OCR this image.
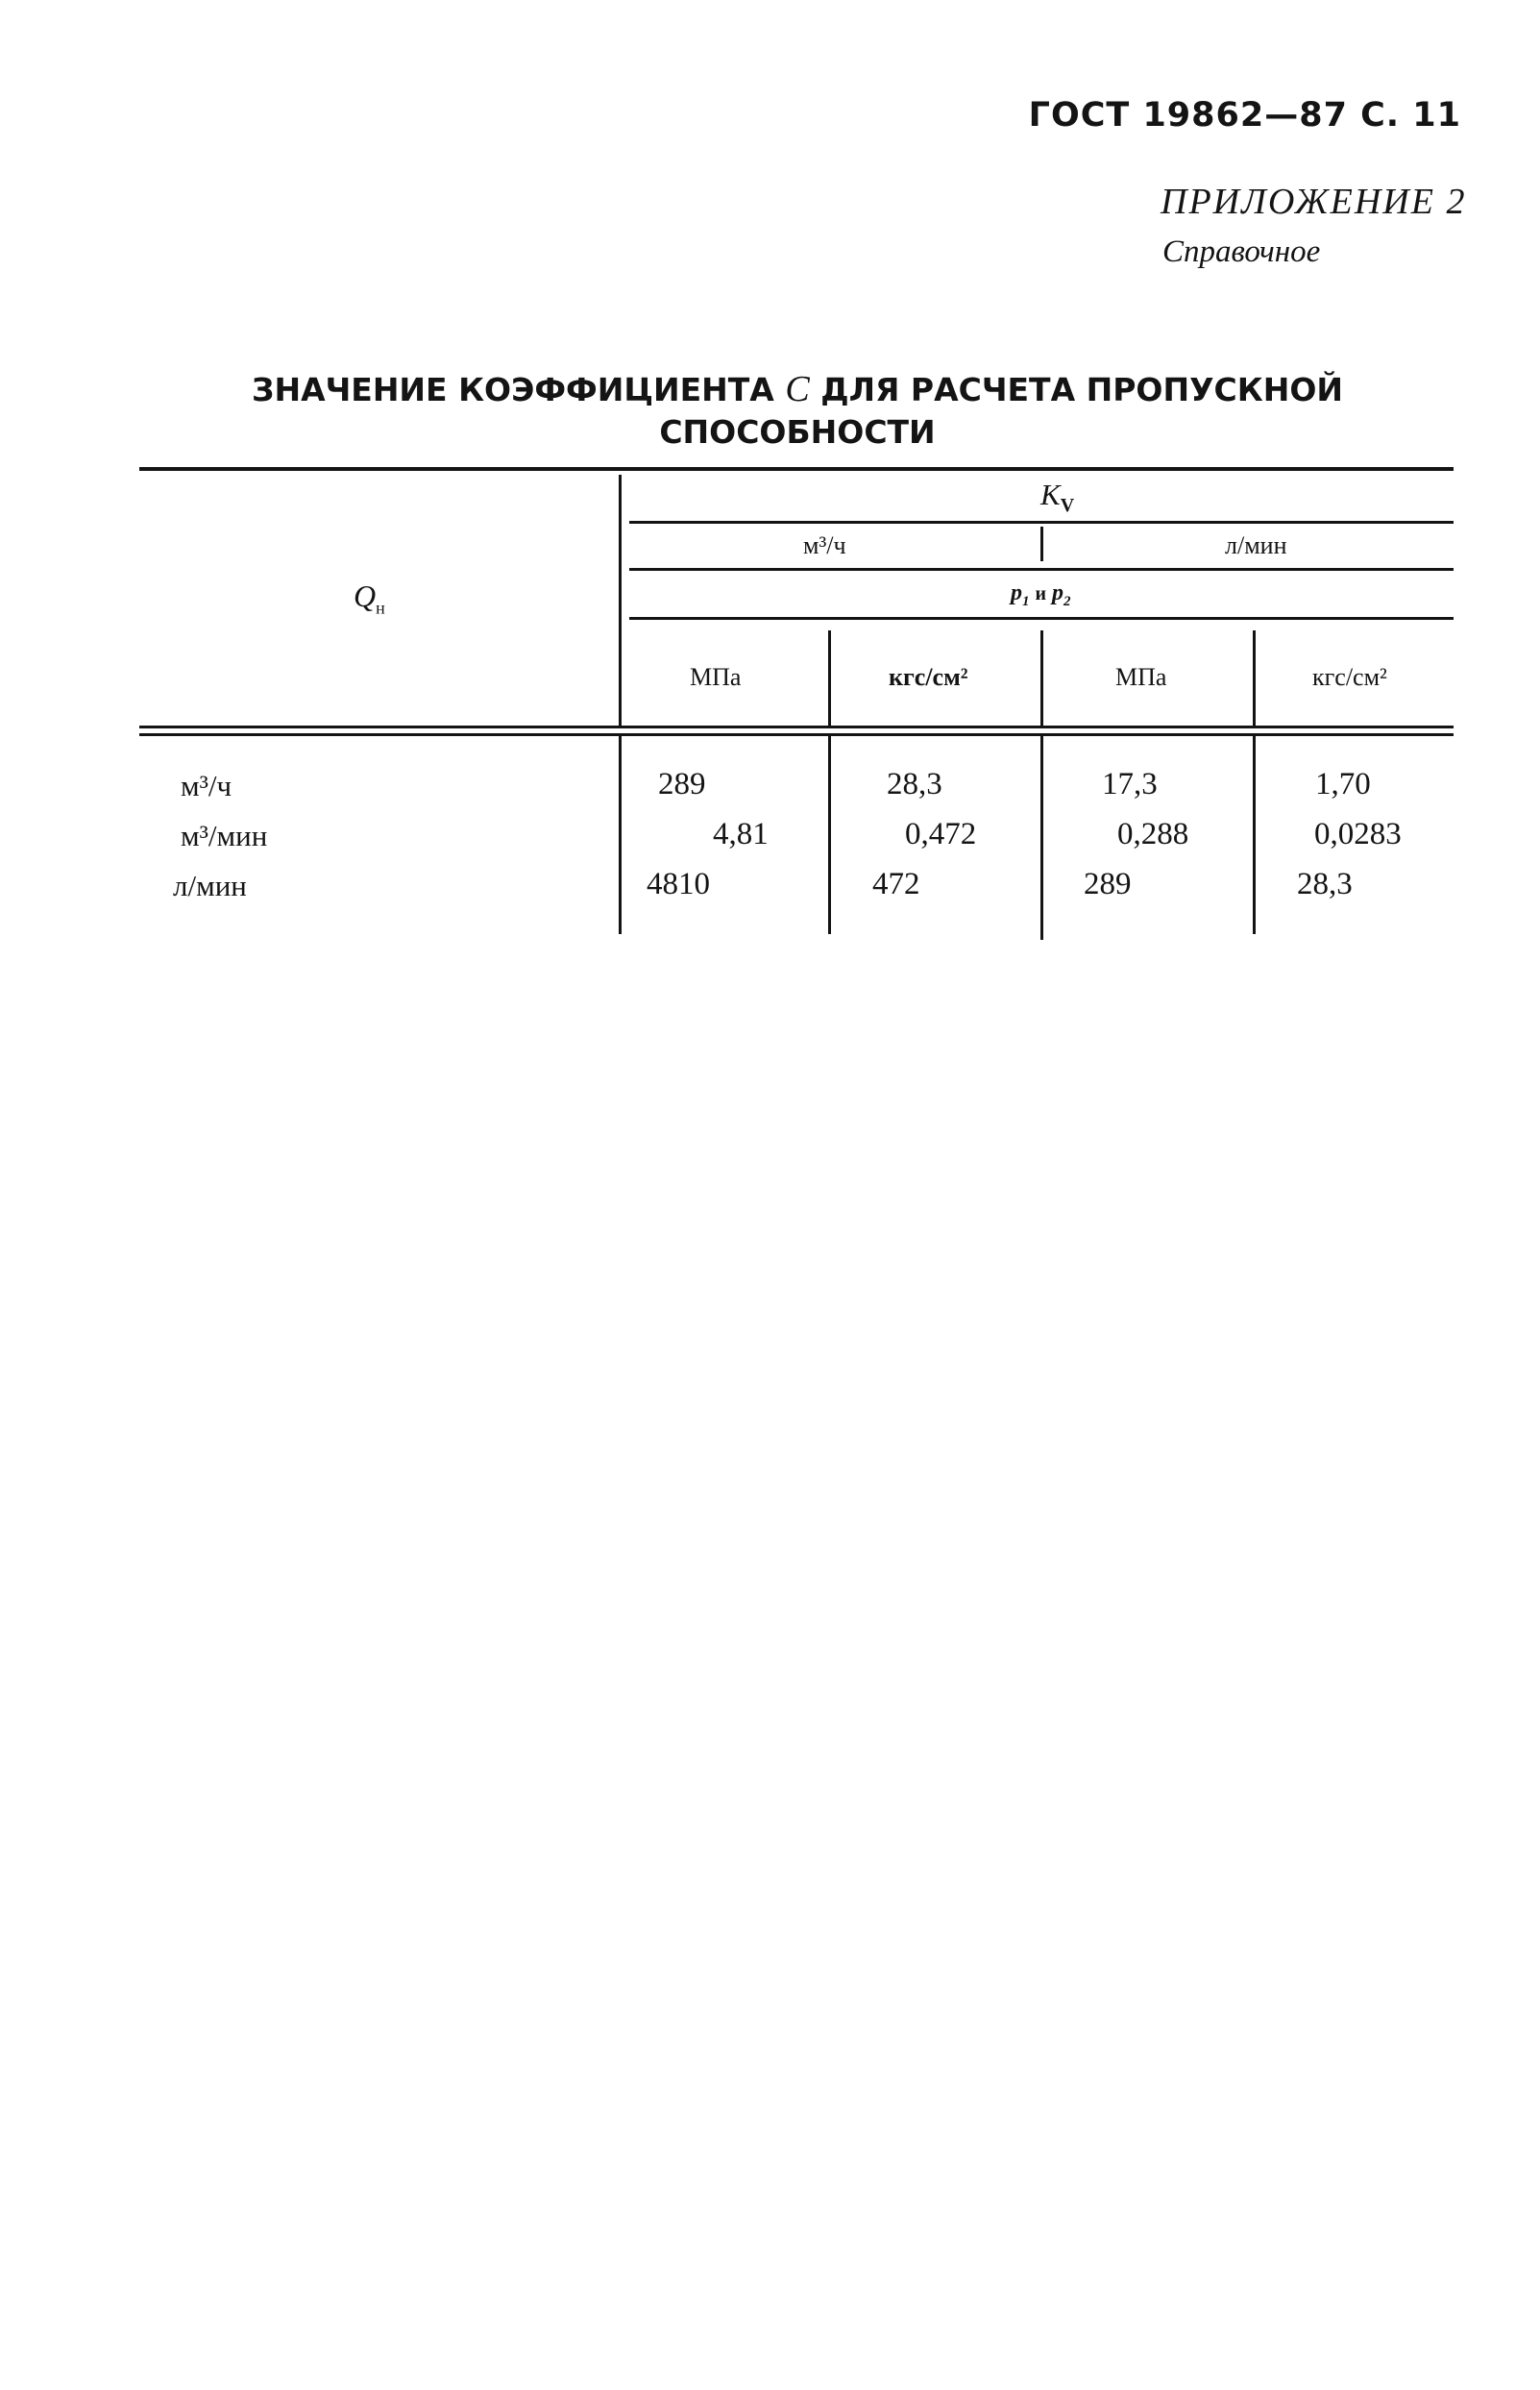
ГОСТ 19862—87 С. 11
ПРИЛОЖЕНИЕ 2
Справочное
ЗНАЧЕНИЕ КОЭФФИЦИЕНТА C ДЛЯ РАСЧЕТА ПРОПУСКНОЙ
СПОСОБНОСТИ
$Q_н$
$K_V$
м³/ч	л/мин
$p_1$ и $p_2$
МПа	кгс/см²	МПа	кгс/см²
м³/ч	289	28,3	17,3	1,70
м³/мин	4,81	0,472	0,288	0,0283
л/мин	4810	472	289	28,3
